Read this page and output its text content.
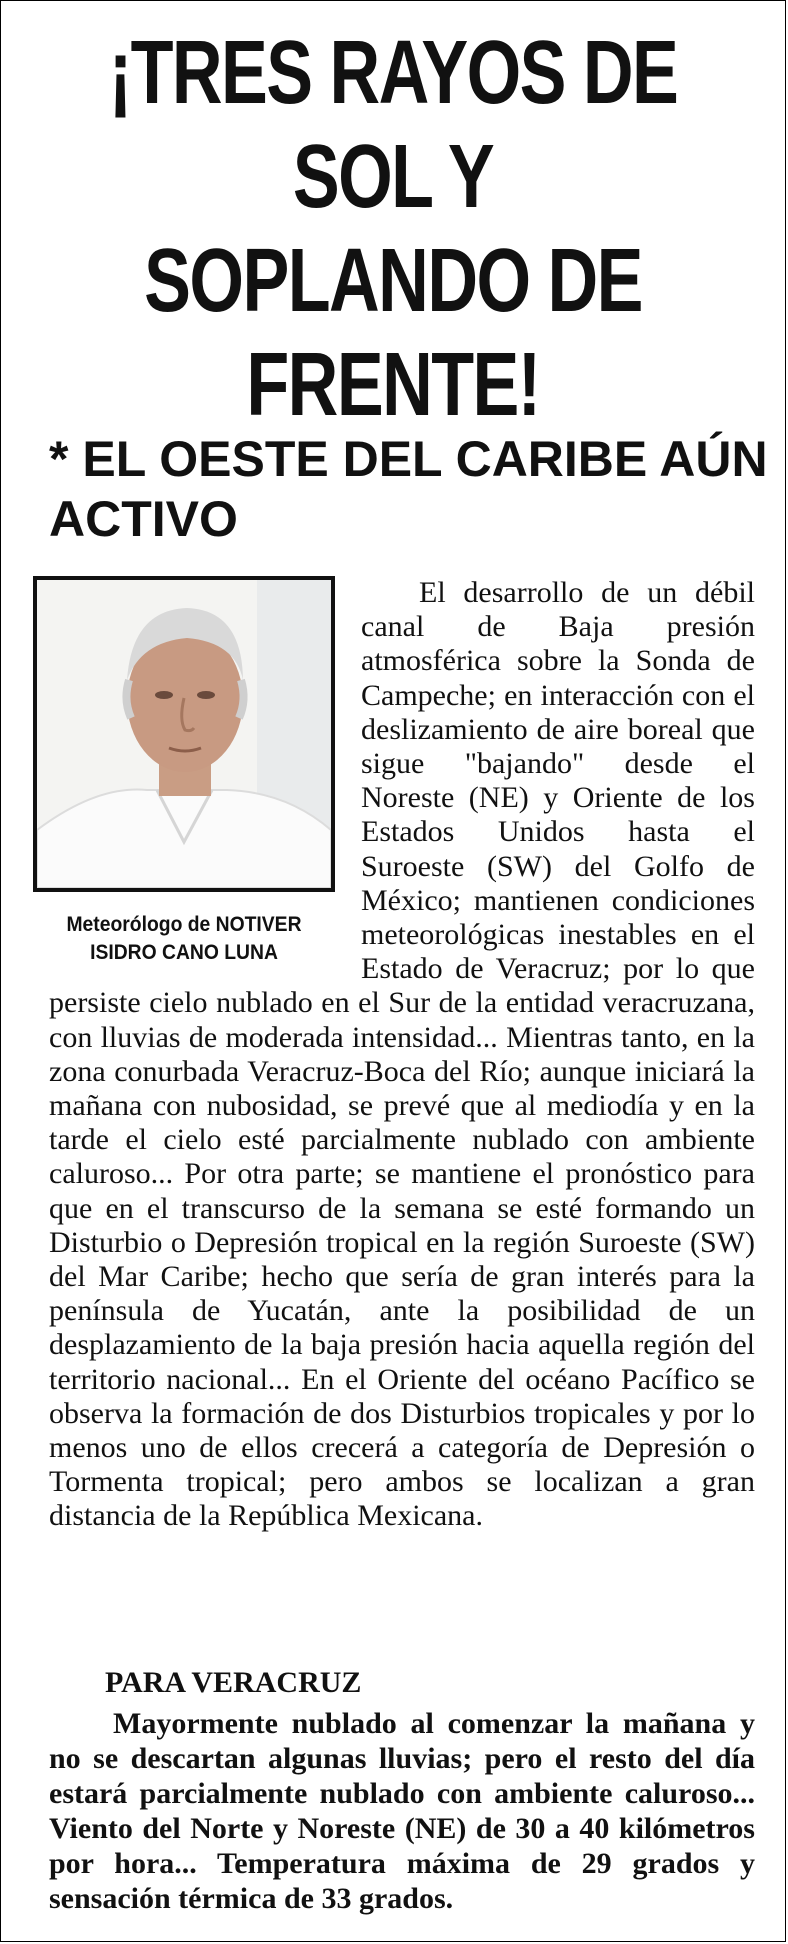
¡TRES RAYOS DE SOL Y SOPLANDO DE FRENTE!
* EL OESTE DEL CARIBE AÚN ACTIVO
Meteorólogo de NOTIVER
ISIDRO CANO LUNA

El desarrollo de un débil canal de Baja presión atmosférica sobre la Sonda de Campeche; en interacción con el deslizamiento de aire boreal que sigue "bajando" desde el Noreste (NE) y Oriente de los Estados Unidos hasta el Suroeste (SW) del Golfo de México; mantienen condiciones meteorológicas inestables en el Estado de Veracruz; por lo que persiste cielo nublado en el Sur de la entidad veracruzana, con lluvias de moderada intensidad... Mientras tanto, en la zona conurbada Veracruz-Boca del Río; aunque iniciará la mañana con nubosidad, se prevé que al mediodía y en la tarde el cielo esté parcialmente nublado con ambiente caluroso... Por otra parte; se mantiene el pronóstico para que en el transcurso de la semana se esté formando un Disturbio o Depresión tropical en la región Suroeste (SW) del Mar Caribe; hecho que sería de gran interés para la península de Yucatán, ante la posibilidad de un desplazamiento de la baja presión hacia aquella región del territorio nacional... En el Oriente del océano Pacífico se observa la formación de dos Disturbios tropicales y por lo menos uno de ellos crecerá a categoría de Depresión o Tormenta tropical; pero ambos se localizan a gran distancia de la República Mexicana.

PARA VERACRUZ
Mayormente nublado al comenzar la mañana y no se descartan algunas lluvias; pero el resto del día estará parcialmente nublado con ambiente caluroso... Viento del Norte y Noreste (NE) de 30 a 40 kilómetros por hora... Temperatura máxima de 29 grados y sensación térmica de 33 grados.
